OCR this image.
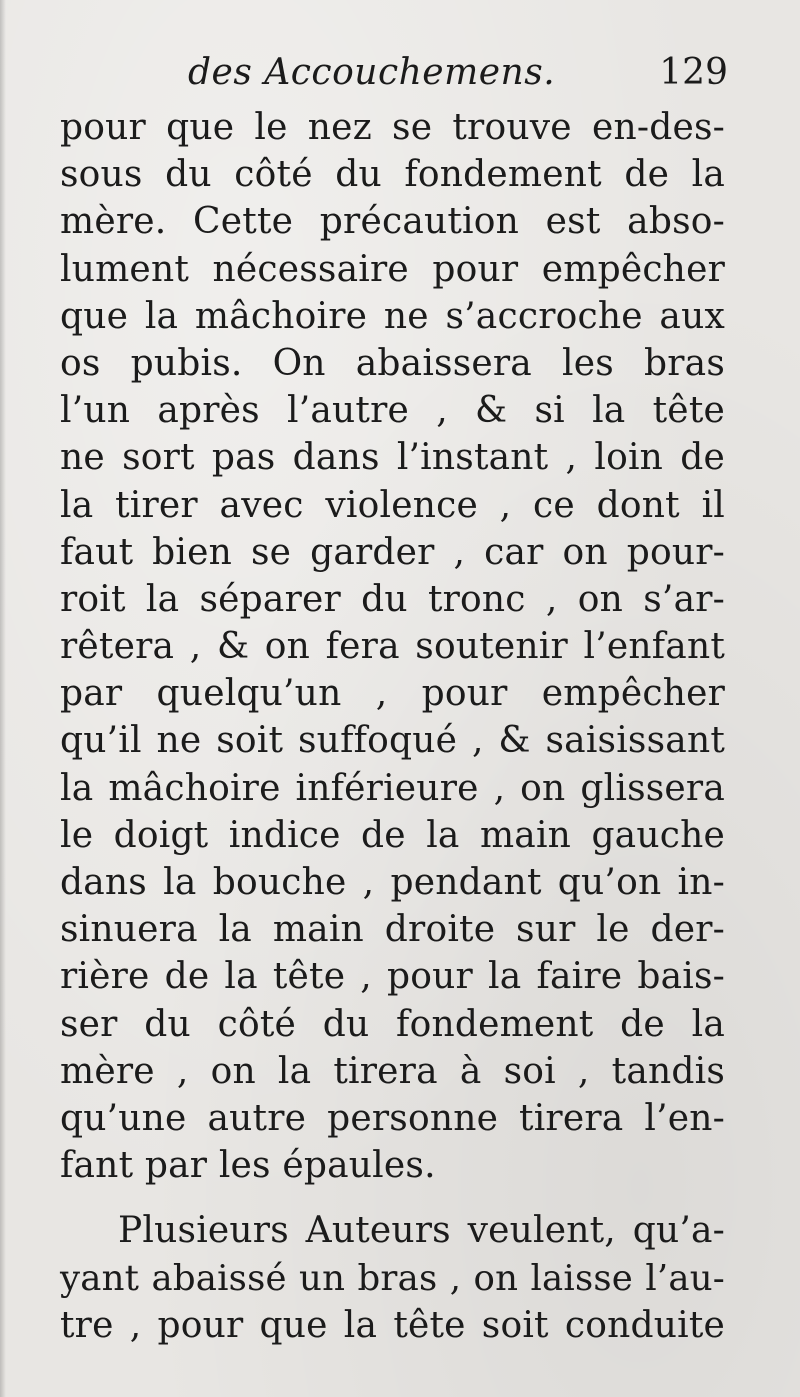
des Accouchemens.	129
pour que le nez se trouve en-des-
sous du côté du fondement de la
mère. Cette précaution est abso-
lument nécessaire pour empêcher
que la mâchoire ne s’accroche aux
os pubis. On abaissera les bras
l’un après l’autre , & si la tête
ne sort pas dans l’instant , loin de
la tirer avec violence , ce dont il
faut bien se garder , car on pour-
roit la séparer du tronc , on s’ar-
rêtera , & on fera soutenir l’enfant
par quelqu’un , pour empêcher
qu’il ne soit suffoqué , & saisissant
la mâchoire inférieure , on glissera
le doigt indice de la main gauche
dans la bouche , pendant qu’on in-
sinuera la main droite sur le der-
rière de la tête , pour la faire bais-
ser du côté du fondement de la
mère , on la tirera à soi , tandis
qu’une autre personne tirera l’en-
fant par les épaules.
Plusieurs Auteurs veulent, qu’a-
yant abaissé un bras , on laisse l’au-
tre , pour que la tête soit conduite
